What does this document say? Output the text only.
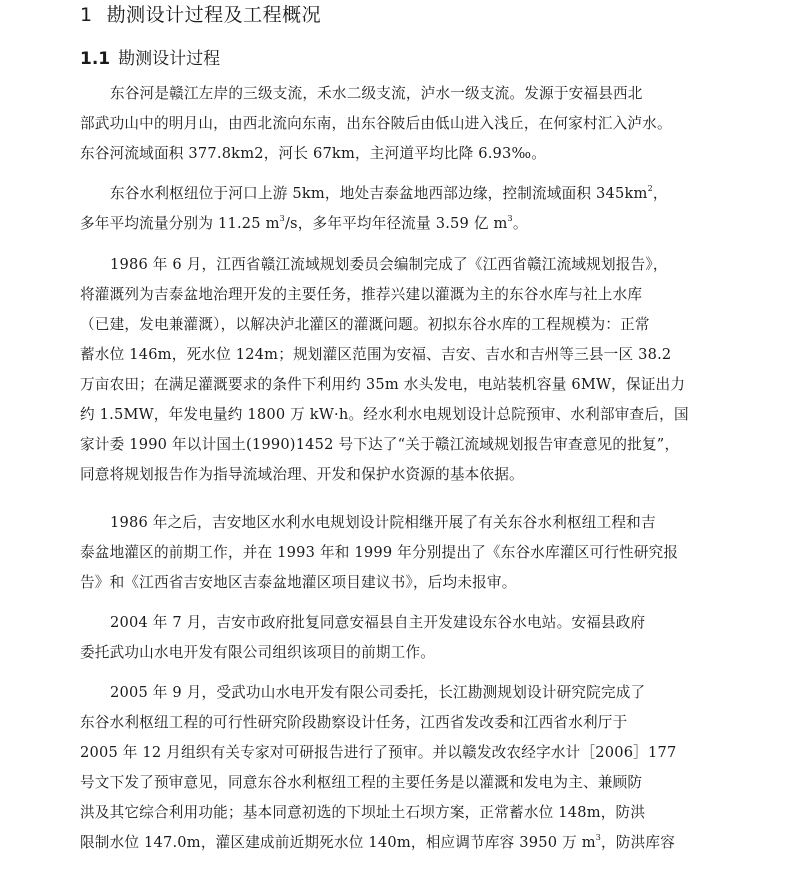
1 勘测设计过程及工程概况
1.1 勘测设计过程
东谷河是赣江左岸的三级支流，禾水二级支流，泸水一级支流。发源于安福县西北
部武功山中的明月山，由西北流向东南，出东谷陂后由低山进入浅丘，在何家村汇入泸水。
东谷河流域面积 377.8km2，河长 67km，主河道平均比降 6.93‰。
东谷水利枢纽位于河口上游 5km，地处吉泰盆地西部边缘，控制流域面积 $345km^2$，
多年平均流量分别为 11.25 $m^3/s$，多年平均年径流量 3.59 亿 $m^3$。
1986 年 6 月，江西省赣江流域规划委员会编制完成了《江西省赣江流域规划报告》，
将灌溉列为吉泰盆地治理开发的主要任务，推荐兴建以灌溉为主的东谷水库与社上水库
（已建，发电兼灌溉），以解决泸北灌区的灌溉问题。初拟东谷水库的工程规模为：正常
蓄水位 146m，死水位 124m；规划灌区范围为安福、吉安、吉水和吉州等三县一区 38.2
万亩农田；在满足灌溉要求的条件下利用约 35m 水头发电，电站装机容量 6MW，保证出力
约 1.5MW，年发电量约 1800 万 kW·h。经水利水电规划设计总院预审、水利部审查后，国
家计委 1990 年以计国土(1990)1452 号下达了“关于赣江流域规划报告审查意见的批复”，
同意将规划报告作为指导流域治理、开发和保护水资源的基本依据。
1986 年之后，吉安地区水利水电规划设计院相继开展了有关东谷水利枢纽工程和吉
泰盆地灌区的前期工作，并在 1993 年和 1999 年分别提出了《东谷水库灌区可行性研究报
告》和《江西省吉安地区吉泰盆地灌区项目建议书》，后均未报审。
2004 年 7 月，吉安市政府批复同意安福县自主开发建设东谷水电站。安福县政府
委托武功山水电开发有限公司组织该项目的前期工作。
2005 年 9 月，受武功山水电开发有限公司委托，长江勘测规划设计研究院完成了
东谷水利枢纽工程的可行性研究阶段勘察设计任务，江西省发改委和江西省水利厅于
2005 年 12 月组织有关专家对可研报告进行了预审。并以赣发改农经字水计［2006］177
号文下发了预审意见，同意东谷水利枢纽工程的主要任务是以灌溉和发电为主、兼顾防
洪及其它综合利用功能；基本同意初选的下坝址土石坝方案，正常蓄水位 148m，防洪
限制水位 147.0m，灌区建成前近期死水位 140m，相应调节库容 3950 万 $m^3$，防洪库容
